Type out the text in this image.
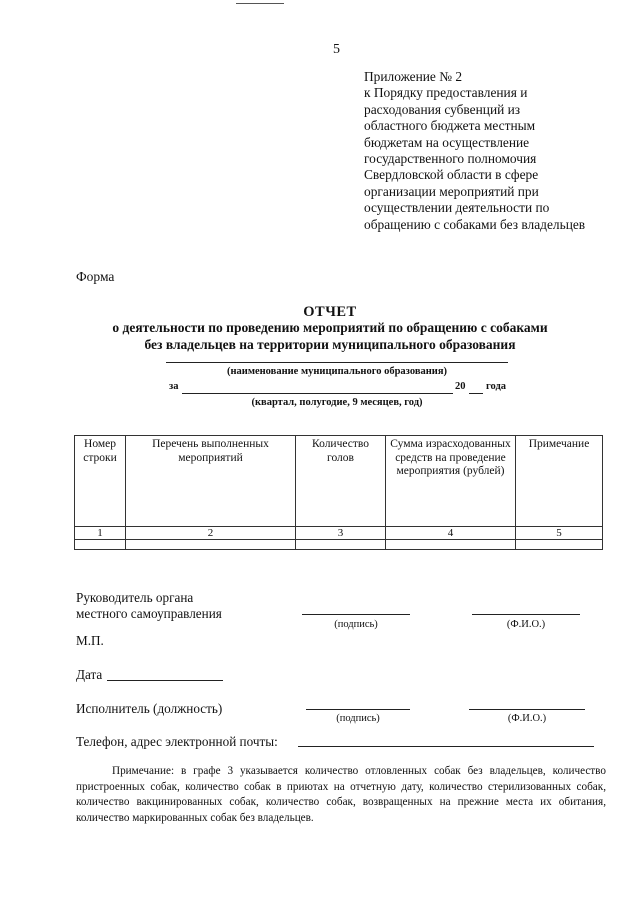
5
Приложение № 2
к Порядку предоставления и
расходования субвенций из
областного бюджета местным
бюджетам на осуществление
государственного полномочия
Свердловской области в сфере
организации мероприятий при
осуществлении деятельности по
обращению с собаками без владельцев
Форма
ОТЧЕТ
о деятельности по проведению мероприятий по обращению с собаками
без владельцев на территории муниципального образования
(наименование муниципального образования)
за	20 года
(квартал, полугодие, 9 месяцев, год)
Номер строки	Перечень выполненных мероприятий	Количество голов	Сумма израсходованных средств на проведение мероприятия (рублей)	Примечание
1	2	3	4	5

Руководитель органа
местного самоуправления
(подпись)	(Ф.И.О.)
М.П.
Дата
Исполнитель (должность)
(подпись)	(Ф.И.О.)
Телефон, адрес электронной почты:
Примечание: в графе 3 указывается количество отловленных собак без владельцев, количество пристроенных собак, количество собак в приютах на отчетную дату, количество стерилизованных собак, количество вакцинированных собак, количество собак, возвращенных на прежние места их обитания, количество маркированных собак без владельцев.
